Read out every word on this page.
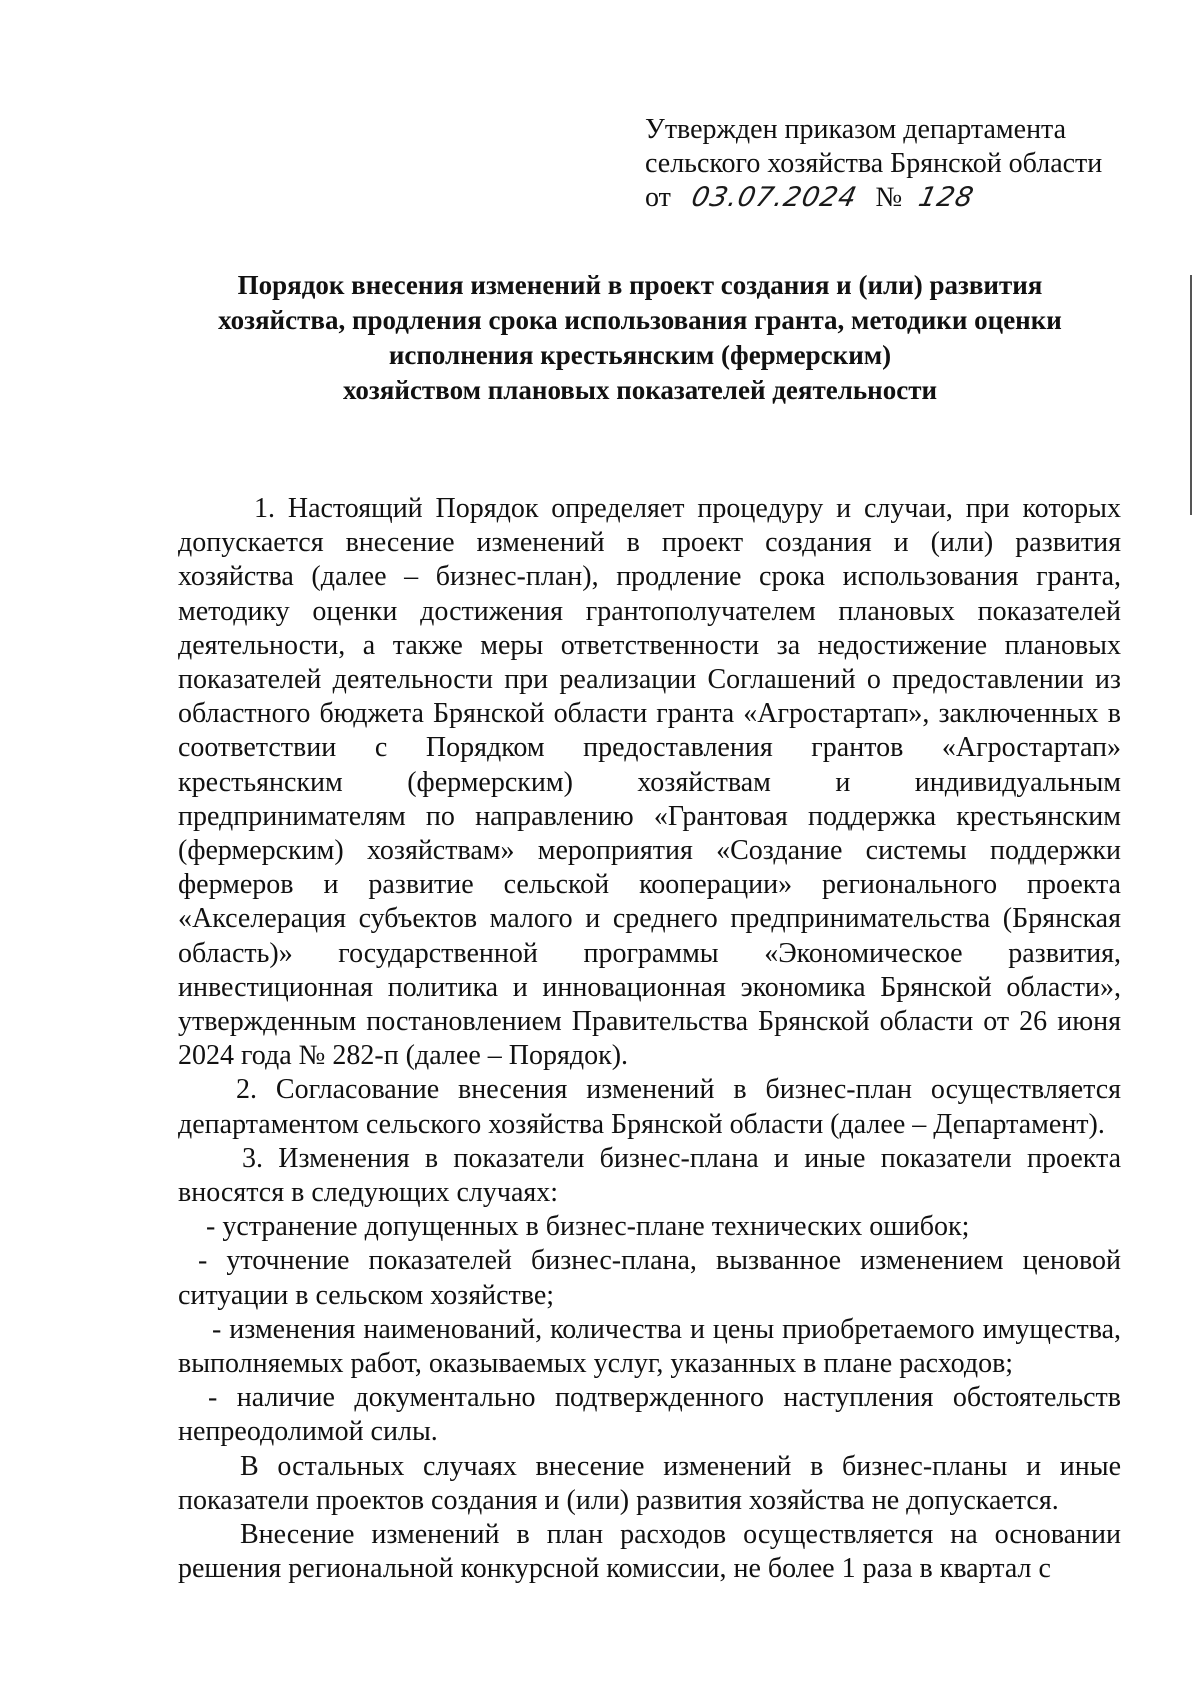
Утвержден приказом департамента
сельского хозяйства Брянской области
от 03.07.2024 № 128
Порядок внесения изменений в проект создания и (или) развития
хозяйства, продления срока использования гранта, методики оценки
исполнения крестьянским (фермерским)
хозяйством плановых показателей деятельности

1. Настоящий Порядок определяет процедуру и случаи, при которых допускается внесение изменений в проект создания и (или) развития хозяйства (далее – бизнес-план), продление срока использования гранта, методику оценки достижения грантополучателем плановых показателей деятельности, а также меры ответственности за недостижение плановых показателей деятельности при реализации Соглашений о предоставлении из областного бюджета Брянской области гранта «Агростартап», заключенных в соответствии с Порядком предоставления грантов «Агростартап» крестьянским (фермерским) хозяйствам и индивидуальным предпринимателям по направлению «Грантовая поддержка крестьянским (фермерским) хозяйствам» мероприятия «Создание системы поддержки фермеров и развитие сельской кооперации» регионального проекта «Акселерация субъектов малого и среднего предпринимательства (Брянская область)» государственной программы «Экономическое развития, инвестиционная политика и инновационная экономика Брянской области», утвержденным постановлением Правительства Брянской области от 26 июня 2024 года № 282-п (далее – Порядок).

2. Согласование внесения изменений в бизнес-план осуществляется департаментом сельского хозяйства Брянской области (далее – Департамент).

3. Изменения в показатели бизнес-плана и иные показатели проекта вносятся в следующих случаях:

- устранение допущенных в бизнес-плане технических ошибок;

- уточнение показателей бизнес-плана, вызванное изменением ценовой ситуации в сельском хозяйстве;

- изменения наименований, количества и цены приобретаемого имущества, выполняемых работ, оказываемых услуг, указанных в плане расходов;

- наличие документально подтвержденного наступления обстоятельств непреодолимой силы.

В остальных случаях внесение изменений в бизнес-планы и иные показатели проектов создания и (или) развития хозяйства не допускается.

Внесение изменений в план расходов осуществляется на основании решения региональной конкурсной комиссии, не более 1 раза в квартал с
